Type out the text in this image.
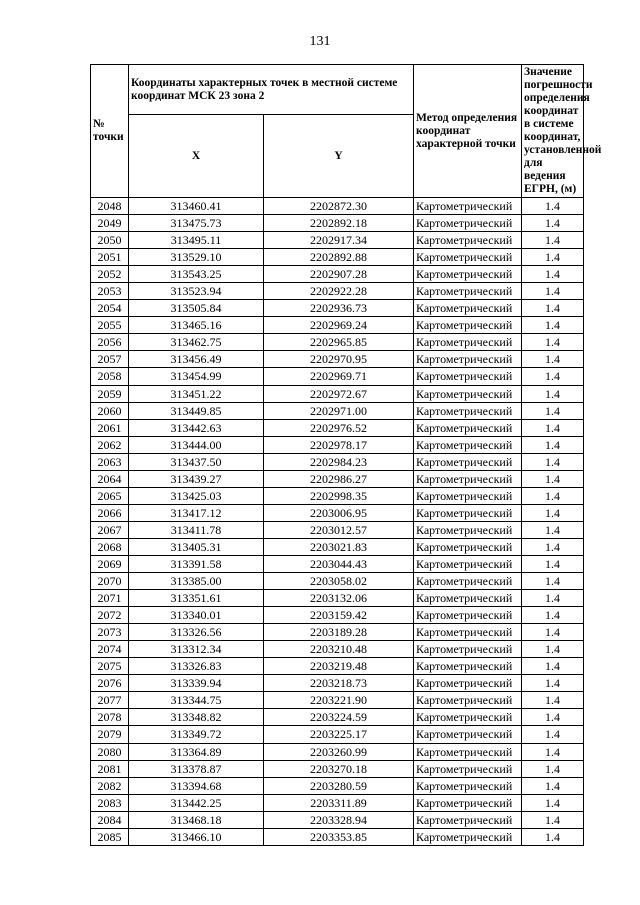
131
№ точки	Координаты характерных точек в местной системе координат МСК 23 зона 2		Метод определения координат характерной точки	Значение погрешности определения координат в системе координат, установленной для ведения ЕГРН, (м)
	X	Y		
2048	313460.41	2202872.30	Картометрический	1.4
2049	313475.73	2202892.18	Картометрический	1.4
2050	313495.11	2202917.34	Картометрический	1.4
2051	313529.10	2202892.88	Картометрический	1.4
2052	313543.25	2202907.28	Картометрический	1.4
2053	313523.94	2202922.28	Картометрический	1.4
2054	313505.84	2202936.73	Картометрический	1.4
2055	313465.16	2202969.24	Картометрический	1.4
2056	313462.75	2202965.85	Картометрический	1.4
2057	313456.49	2202970.95	Картометрический	1.4
2058	313454.99	2202969.71	Картометрический	1.4
2059	313451.22	2202972.67	Картометрический	1.4
2060	313449.85	2202971.00	Картометрический	1.4
2061	313442.63	2202976.52	Картометрический	1.4
2062	313444.00	2202978.17	Картометрический	1.4
2063	313437.50	2202984.23	Картометрический	1.4
2064	313439.27	2202986.27	Картометрический	1.4
2065	313425.03	2202998.35	Картометрический	1.4
2066	313417.12	2203006.95	Картометрический	1.4
2067	313411.78	2203012.57	Картометрический	1.4
2068	313405.31	2203021.83	Картометрический	1.4
2069	313391.58	2203044.43	Картометрический	1.4
2070	313385.00	2203058.02	Картометрический	1.4
2071	313351.61	2203132.06	Картометрический	1.4
2072	313340.01	2203159.42	Картометрический	1.4
2073	313326.56	2203189.28	Картометрический	1.4
2074	313312.34	2203210.48	Картометрический	1.4
2075	313326.83	2203219.48	Картометрический	1.4
2076	313339.94	2203218.73	Картометрический	1.4
2077	313344.75	2203221.90	Картометрический	1.4
2078	313348.82	2203224.59	Картометрический	1.4
2079	313349.72	2203225.17	Картометрический	1.4
2080	313364.89	2203260.99	Картометрический	1.4
2081	313378.87	2203270.18	Картометрический	1.4
2082	313394.68	2203280.59	Картометрический	1.4
2083	313442.25	2203311.89	Картометрический	1.4
2084	313468.18	2203328.94	Картометрический	1.4
2085	313466.10	2203353.85	Картометрический	1.4
